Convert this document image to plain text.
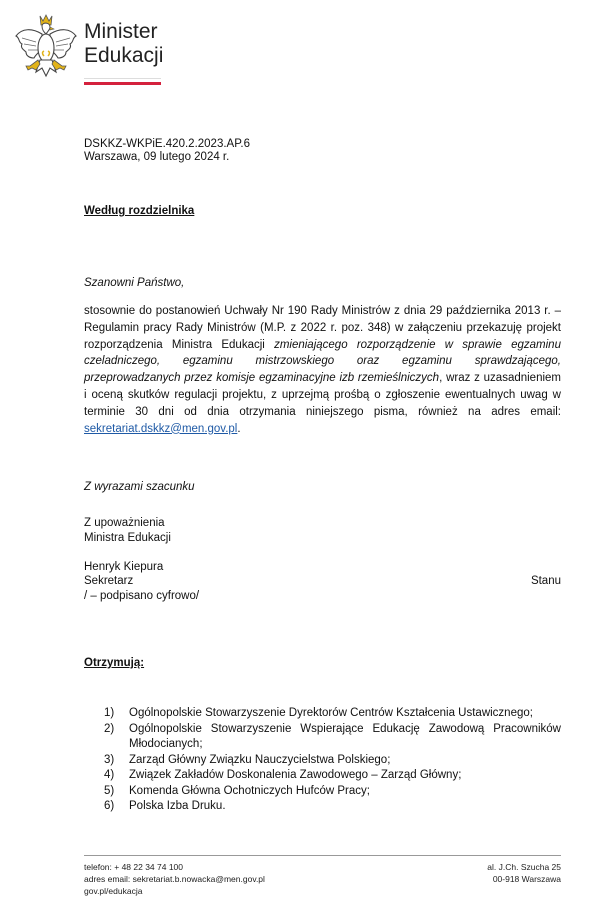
Minister
Edukacji
DSKKZ-WKPiE.420.2.2023.AP.6
Warszawa, 09 lutego 2024 r.
Według rozdzielnika
Szanowni Państwo,
stosownie do postanowień Uchwały Nr 190 Rady Ministrów z dnia 29 października 2013 r. – Regulamin pracy Rady Ministrów (M.P. z 2022 r. poz. 348) w załączeniu przekazuję projekt rozporządzenia Ministra Edukacji zmieniającego rozporządzenie w sprawie egzaminu czeladniczego, egzaminu mistrzowskiego oraz egzaminu sprawdzającego, przeprowadzanych przez komisje egzaminacyjne izb rzemieślniczych, wraz z uzasadnieniem i oceną skutków regulacji projektu, z uprzejmą prośbą o zgłoszenie ewentualnych uwag w terminie 30 dni od dnia otrzymania niniejszego pisma, również na adres email: sekretariat.dskkz@men.gov.pl.
Z wyrazami szacunku
Z upoważnienia
Ministra Edukacji
Henryk Kiepura
Sekretarz	Stanu
/ – podpisano cyfrowo/
Otrzymują:
1) Ogólnopolskie Stowarzyszenie Dyrektorów Centrów Kształcenia Ustawicznego;
2) Ogólnopolskie Stowarzyszenie Wspierające Edukację Zawodową Pracowników Młodocianych;
3) Zarząd Główny Związku Nauczycielstwa Polskiego;
4) Związek Zakładów Doskonalenia Zawodowego – Zarząd Główny;
5) Komenda Główna Ochotniczych Hufców Pracy;
6) Polska Izba Druku.
telefon: + 48 22 34 74 100
adres email: sekretariat.b.nowacka@men.gov.pl
gov.pl/edukacja
al. J.Ch. Szucha 25
00-918 Warszawa
